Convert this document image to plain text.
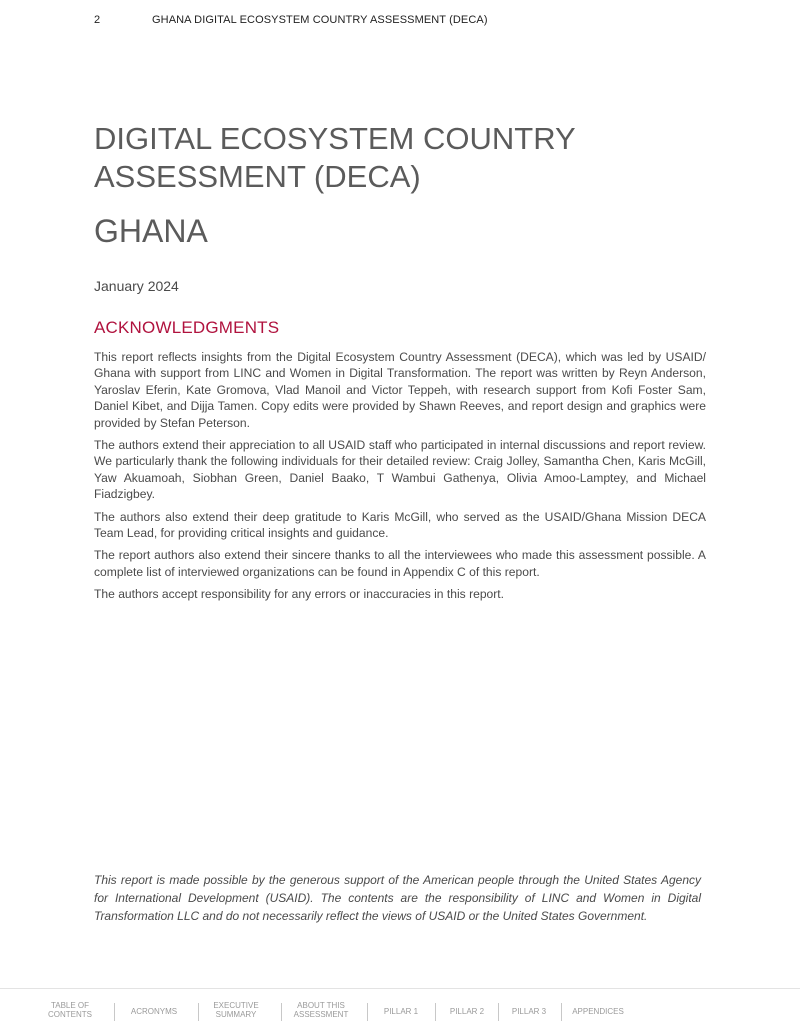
2	GHANA DIGITAL ECOSYSTEM COUNTRY ASSESSMENT (DECA)
DIGITAL ECOSYSTEM COUNTRY ASSESSMENT (DECA)
GHANA
January 2024
ACKNOWLEDGMENTS

This report reflects insights from the Digital Ecosystem Country Assessment (DECA), which was led by USAID/ Ghana with support from LINC and Women in Digital Transformation. The report was written by Reyn Anderson, Yaroslav Eferin, Kate Gromova, Vlad Manoil and Victor Teppeh, with research support from Kofi Foster Sam, Daniel Kibet, and Dijja Tamen. Copy edits were provided by Shawn Reeves, and report design and graphics were provided by Stefan Peterson.

The authors extend their appreciation to all USAID staff who participated in internal discussions and report review. We particularly thank the following individuals for their detailed review: Craig Jolley, Samantha Chen, Karis McGill, Yaw Akuamoah, Siobhan Green, Daniel Baako, T Wambui Gathenya, Olivia Amoo-Lamptey, and Michael Fiadzigbey.

The authors also extend their deep gratitude to Karis McGill, who served as the USAID/Ghana Mission DECA Team Lead, for providing critical insights and guidance.

The report authors also extend their sincere thanks to all the interviewees who made this assessment possible. A complete list of interviewed organizations can be found in Appendix C of this report.

The authors accept responsibility for any errors or inaccuracies in this report.

This report is made possible by the generous support of the American people through the United States Agency for International Development (USAID). The contents are the responsibility of LINC and Women in Digital Transformation LLC and do not necessarily reflect the views of USAID or the United States Government.

TABLE OF
CONTENTS	ACRONYMS
EXECUTIVE
SUMMARY
ABOUT THIS
ASSESSMENT	PILLAR 1	PILLAR 2	PILLAR 3	APPENDICES
